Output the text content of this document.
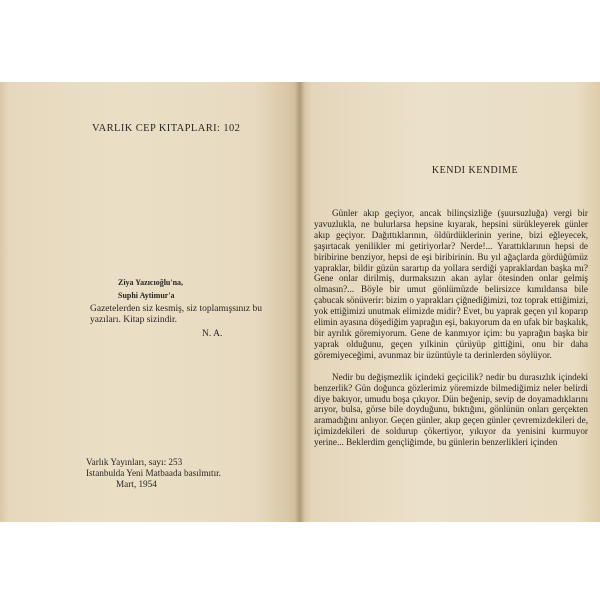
VARLIK CEP KITAPLARI: 102
Ziya Yazıcıoğlu'na,
Suphi Aytimur'a
Gazetelerden siz kesmiş, siz toplamışsınız bu yazıları. Kitap sizindir.
N. A.
Varlık Yayınları, sayı: 253
Istanbulda Yeni Matbaada basılmıtır.
Mart, 1954
KENDI KENDIME

Günler akıp geçiyor, ancak bilinçsizliğe (şuursuzluğa) vergi bir yavuzlukla, ne bulurlarsa hepsine kıyarak, hepsini sürükleyerek günler akıp geçiyor. Dağıttıklarının, öldürdüklerinin yerine, bizi eğleyecek, şaşırtacak yenilikler mi getiriyorlar? Nerde!... Yarattıklarının hepsi de biribirine benziyor, hepsi de eşi biribirinin. Bu yıl ağaçlarda gördüğümüz yapraklar, bildir güzün sarartıp da yollara serdiği yapraklardan başka mı? Gene onlar dirilmiş, durmaksızın akan aylar ötesinden onlar gelmiş olmasın?... Böyle bir umut gönlümüzde belirsizce kımıldansa bile çabucak sönüverir: bizim o yaprakları çiğnediğimizi, toz toprak ettiğimizi, yok ettiğimizi unutmak elimizde midir? Evet, bu yaprak geçen yıl koparıp elimin ayasına döşediğim yaprağın eşi, bakıyorum da en ufak bir başkalık, bir ayrılık göremiyorum. Gene de kanmıyor içim: bu yaprağın başka bir yaprak olduğunu, geçen yılkinin çürüyüp gittiğini, onu bir daha göremiyeceğimi, avunmaz bir üzüntüyle ta derinlerden söylüyor.

Nedir bu değişmezlik içindeki geçicilik? nedir bu durasızlık içindeki benzerlik? Gün doğunca gözlerimiz yöremizde bilmediğimiz neler belirdi diye bakıyor, umudu boşa çıkıyor. Dün beğenip, sevip de doyamadıklarını arıyor, bulsa, görse bile doyduğunu, bıktığını, gönlünün onları gerçekten aramadığını anlıyor. Geçen günler, akıp geçen günler çevremizdekileri de, içimizdekileri de soldurup çökertiyor, yıkıyor da yenisini kurmuyor yerine... Beklerdim gençliğimde, bu günlerin benzerlikleri içinden
